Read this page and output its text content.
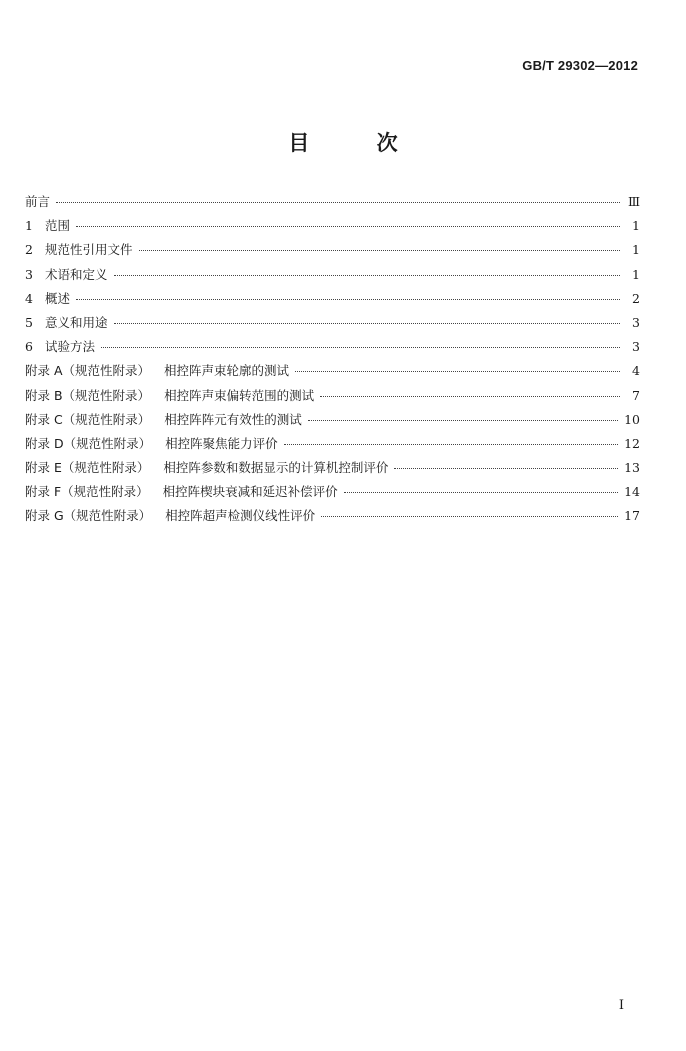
GB/T 29302—2012
目 次
前言	Ⅲ
1 范围	1
2 规范性引用文件	1
3 术语和定义	1
4 概述	2
5 意义和用途	3
6 试验方法	3
附录 A（规范性附录） 相控阵声束轮廓的测试	4
附录 B（规范性附录） 相控阵声束偏转范围的测试	7
附录 C（规范性附录） 相控阵阵元有效性的测试	10
附录 D（规范性附录） 相控阵聚焦能力评价	12
附录 E（规范性附录） 相控阵参数和数据显示的计算机控制评价	13
附录 F（规范性附录） 相控阵楔块衰减和延迟补偿评价	14
附录 G（规范性附录） 相控阵超声检测仪线性评价	17
I
